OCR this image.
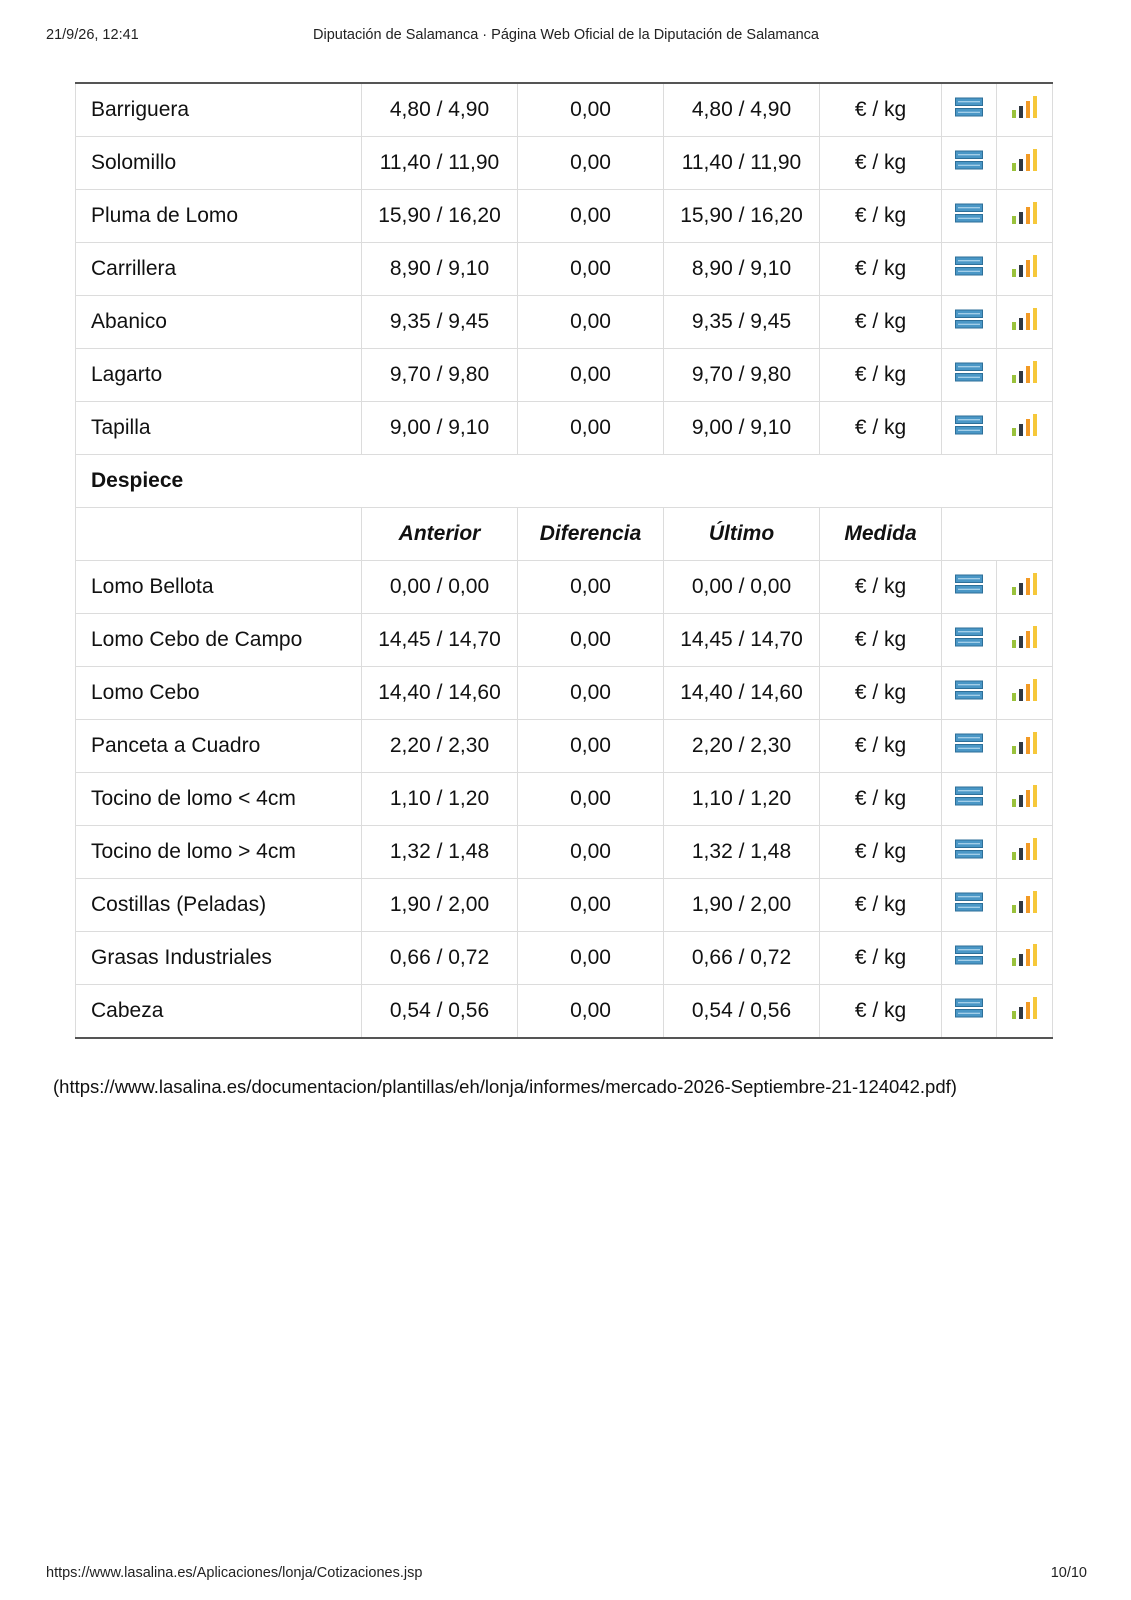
21/9/26, 12:41	Diputación de Salamanca · Página Web Oficial de la Diputación de Salamanca
Barriguera	4,80 / 4,90	0,00	4,80 / 4,90	€ / kg		
Solomillo	11,40 / 11,90	0,00	11,40 / 11,90	€ / kg		
Pluma de Lomo	15,90 / 16,20	0,00	15,90 / 16,20	€ / kg		
Carrillera	8,90 / 9,10	0,00	8,90 / 9,10	€ / kg		
Abanico	9,35 / 9,45	0,00	9,35 / 9,45	€ / kg		
Lagarto	9,70 / 9,80	0,00	9,70 / 9,80	€ / kg		
Tapilla	9,00 / 9,10	0,00	9,00 / 9,10	€ / kg		
Despiece						
	Anterior	Diferencia	Último	Medida		
Lomo Bellota	0,00 / 0,00	0,00	0,00 / 0,00	€ / kg		
Lomo Cebo de Campo	14,45 / 14,70	0,00	14,45 / 14,70	€ / kg		
Lomo Cebo	14,40 / 14,60	0,00	14,40 / 14,60	€ / kg		
Panceta a Cuadro	2,20 / 2,30	0,00	2,20 / 2,30	€ / kg		
Tocino de lomo < 4cm	1,10 / 1,20	0,00	1,10 / 1,20	€ / kg		
Tocino de lomo > 4cm	1,32 / 1,48	0,00	1,32 / 1,48	€ / kg		
Costillas (Peladas)	1,90 / 2,00	0,00	1,90 / 2,00	€ / kg		
Grasas Industriales	0,66 / 0,72	0,00	0,66 / 0,72	€ / kg		
Cabeza	0,54 / 0,56	0,00	0,54 / 0,56	€ / kg		
(https://www.lasalina.es/documentacion/plantillas/eh/lonja/informes/mercado-2026-Septiembre-21-124042.pdf)
https://www.lasalina.es/Aplicaciones/lonja/Cotizaciones.jsp	10/10
